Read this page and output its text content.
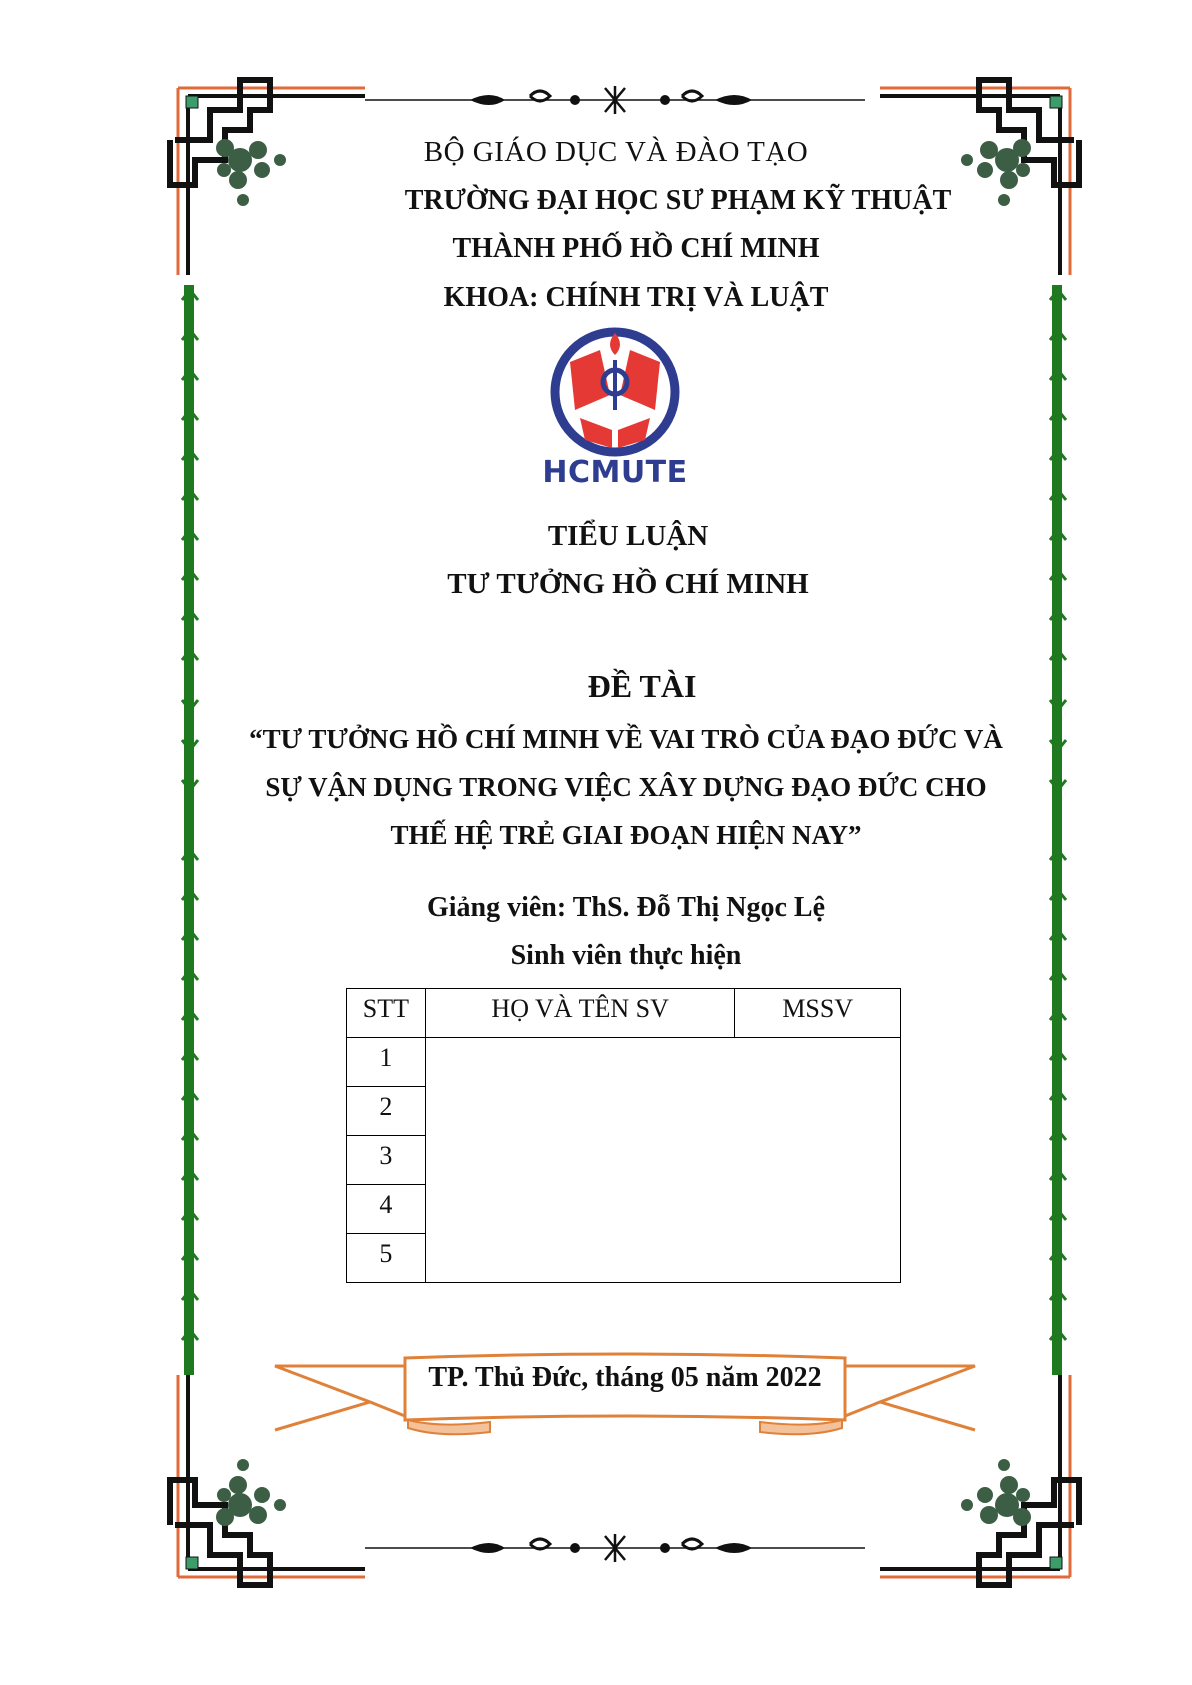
BỘ GIÁO DỤC VÀ ĐÀO TẠO
TRƯỜNG ĐẠI HỌC SƯ PHẠM KỸ THUẬT
THÀNH PHỐ HỒ CHÍ MINH
KHOA: CHÍNH TRỊ VÀ LUẬT
HCMUTE
TIỂU LUẬN
TƯ TƯỞNG HỒ CHÍ MINH
ĐỀ TÀI
“TƯ TƯỞNG HỒ CHÍ MINH VỀ VAI TRÒ CỦA ĐẠO ĐỨC VÀ
SỰ VẬN DỤNG TRONG VIỆC XÂY DỰNG ĐẠO ĐỨC CHO
THẾ HỆ TRẺ GIAI ĐOẠN HIỆN NAY”
Giảng viên: ThS. Đỗ Thị Ngọc Lệ
Sinh viên thực hiện
STT	HỌ VÀ TÊN SV	MSSV
1		
2		
3		
4		
5		
TP. Thủ Đức, tháng 05 năm 2022
